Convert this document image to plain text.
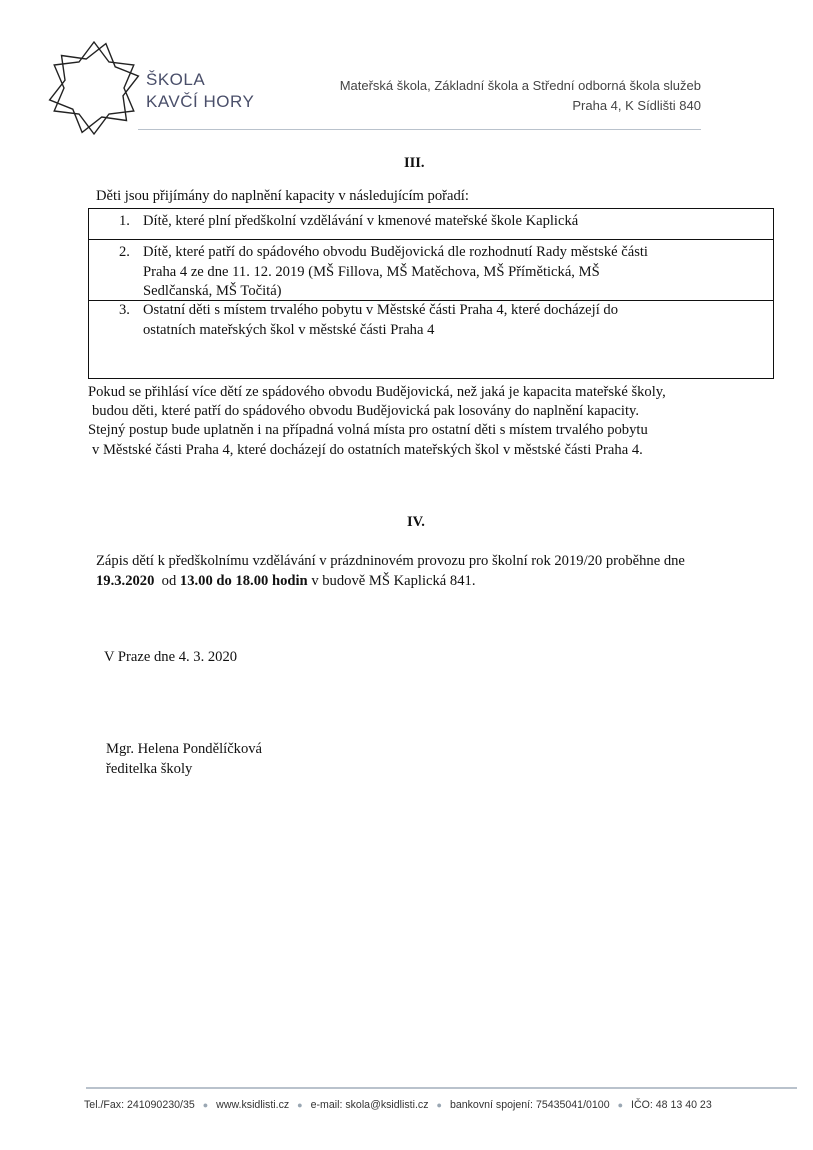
ŠKOLA
KAVČÍ HORY
Mateřská škola, Základní škola a Střední odborná škola služeb
Praha 4, K Sídlišti 840
III.
Děti jsou přijímány do naplnění kapacity v následujícím pořadí:
1. Dítě, které plní předškolní vzdělávání v kmenové mateřské škole Kaplická
2. Dítě, které patří do spádového obvodu Budějovická dle rozhodnutí Rady městské části
Praha 4 ze dne 11. 12. 2019 (MŠ Fillova, MŠ Matěchova, MŠ Přímětická, MŠ
Sedlčanská, MŠ Točitá)
3. Ostatní děti s místem trvalého pobytu v Městské části Praha 4, které docházejí do
ostatních mateřských škol v městské části Praha 4
Pokud se přihlásí více dětí ze spádového obvodu Budějovická, než jaká je kapacita mateřské školy,
budou děti, které patří do spádového obvodu Budějovická pak losovány do naplnění kapacity.
Stejný postup bude uplatněn i na případná volná místa pro ostatní děti s místem trvalého pobytu
v Městské části Praha 4, které docházejí do ostatních mateřských škol v městské části Praha 4.
IV.
Zápis dětí k předškolnímu vzdělávání v prázdninovém provozu pro školní rok 2019/20 proběhne dne
19.3.2020 od 13.00 do 18.00 hodin v budově MŠ Kaplická 841.
V Praze dne 4. 3. 2020
Mgr. Helena Pondělíčková
ředitelka školy
Tel./Fax: 241090230/35 ● www.ksidlisti.cz ● e-mail: skola@ksidlisti.cz ● bankovní spojení: 75435041/0100 ● IČO: 48 13 40 23
